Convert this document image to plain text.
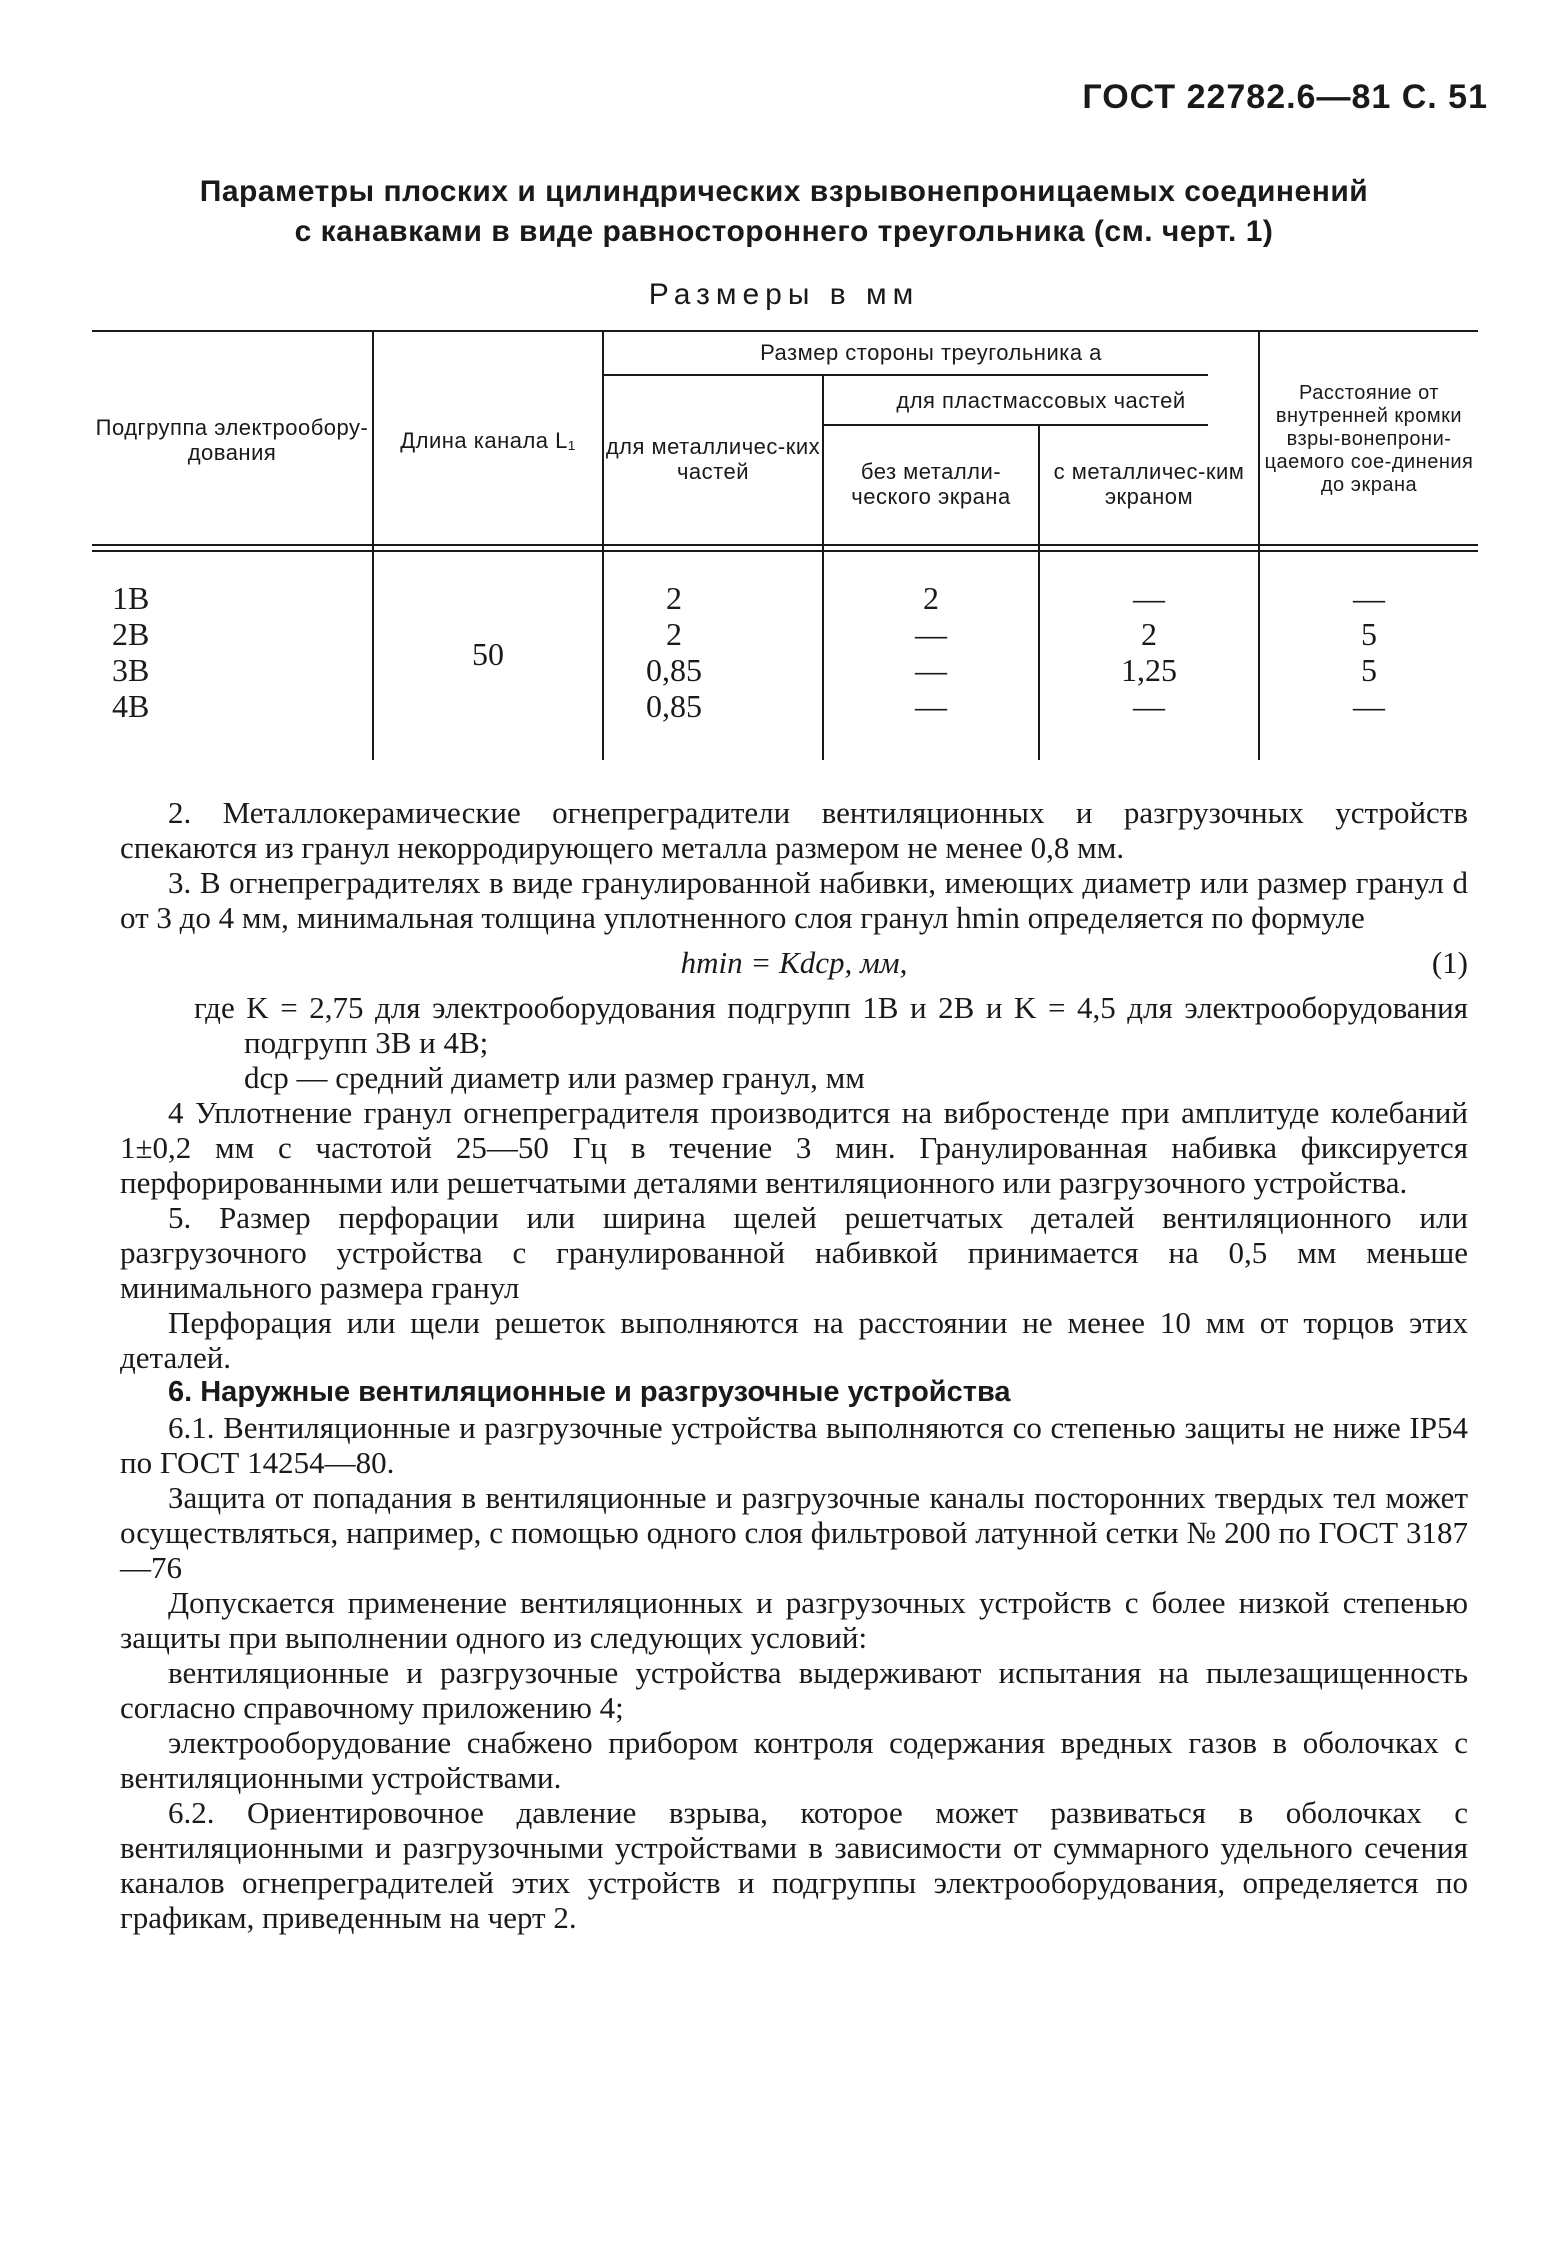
ГОСТ 22782.6—81 С. 51
Параметры плоских и цилиндрических взрывонепроницаемых соединений
с канавками в виде равностороннего треугольника (см. черт. 1)
Размеры в мм
Подгруппа электрообору-дования	Длина канала L₁
Размер стороны треугольника a
для металличес-ких частей
для пластмассовых частей
без металли-ческого экрана
с металличес-ким экраном
Расстояние от внутренней кромки взры-вонепрони-цаемого сое-динения до экрана
1В
2В
3В
4В
50
2
2
0,85
0,85
2
—
—
—
—
2
1,25
—
—
5
5
—

2. Металлокерамические огнепреградители вентиляционных и разгрузочных устройств спекаются из гранул некорродирующего металла размером не менее 0,8 мм.

3. В огнепреградителях в виде гранулированной набивки, имеющих диаметр или размер гранул d от 3 до 4 мм, минимальная толщина уплотненного слоя гранул hmin определяется по формуле

hmin = Kdср, мм,	(1)

где K = 2,75 для электрооборудования подгрупп 1В и 2В и K = 4,5 для электрооборудования подгрупп 3В и 4В;

dср — средний диаметр или размер гранул, мм

4 Уплотнение гранул огнепреградителя производится на вибростенде при амплитуде колебаний 1±0,2 мм с частотой 25—50 Гц в течение 3 мин. Гранулированная набивка фиксируется перфорированными или решетчатыми деталями вентиляционного или разгрузочного устройства.

5. Размер перфорации или ширина щелей решетчатых деталей вентиляционного или разгрузочного устройства с гранулированной набивкой принимается на 0,5 мм меньше минимального размера гранул

Перфорация или щели решеток выполняются на расстоянии не менее 10 мм от торцов этих деталей.

6. Наружные вентиляционные и разгрузочные устройства

6.1. Вентиляционные и разгрузочные устройства выполняются со степенью защиты не ниже IP54 по ГОСТ 14254—80.

Защита от попадания в вентиляционные и разгрузочные каналы посторонних твердых тел может осуществляться, например, с помощью одного слоя фильтровой латунной сетки № 200 по ГОСТ 3187—76

Допускается применение вентиляционных и разгрузочных устройств с более низкой степенью защиты при выполнении одного из следующих условий:

вентиляционные и разгрузочные устройства выдерживают испытания на пылезащищенность согласно справочному приложению 4;

электрооборудование снабжено прибором контроля содержания вредных газов в оболочках с вентиляционными устройствами.

6.2. Ориентировочное давление взрыва, которое может развиваться в оболочках с вентиляционными и разгрузочными устройствами в зависимости от суммарного удельного сечения каналов огнепреградителей этих устройств и подгруппы электрооборудования, определяется по графикам, приведенным на черт 2.
